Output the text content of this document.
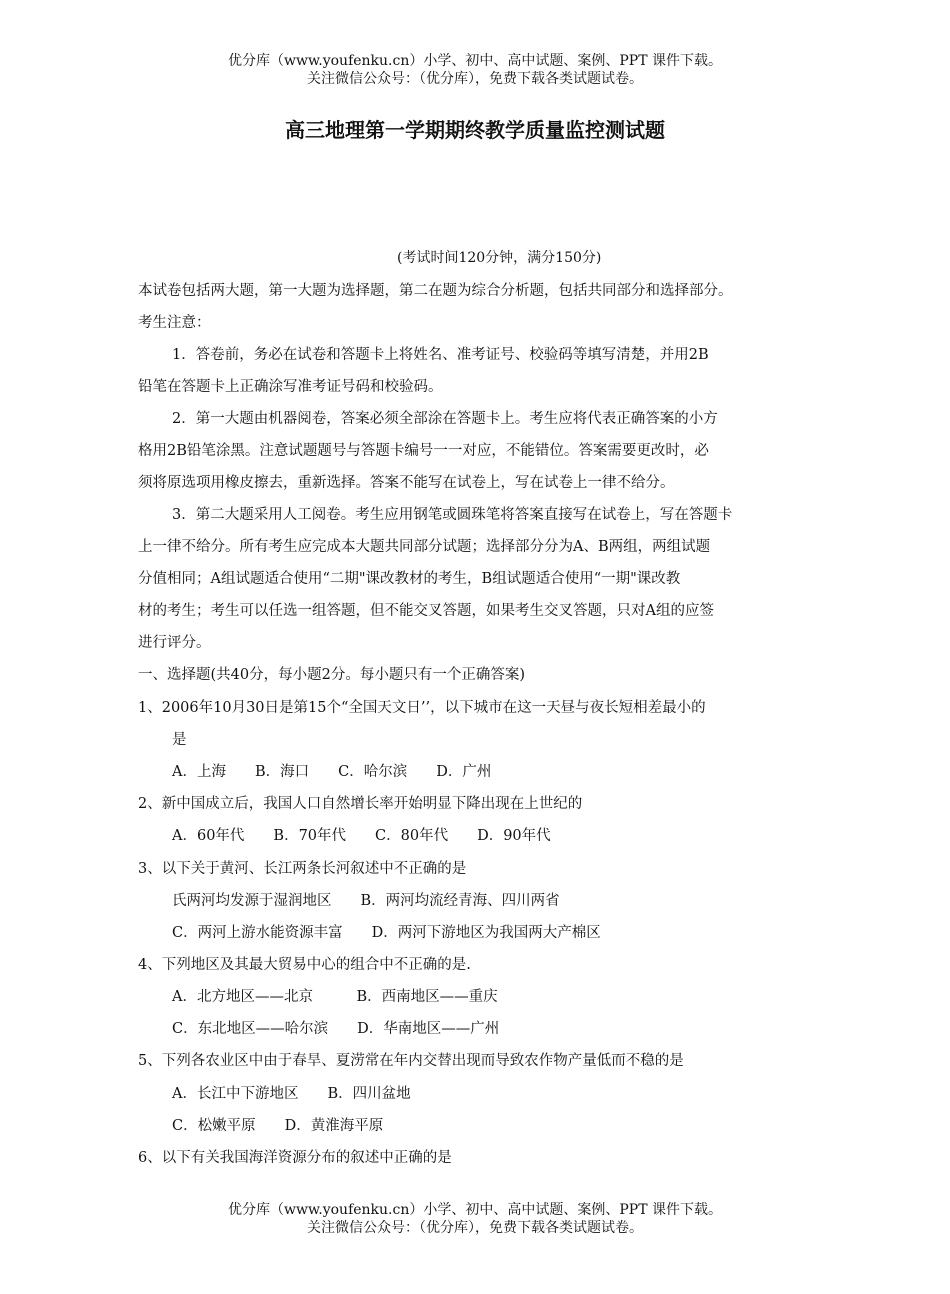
优分库（www.youfenku.cn）小学、初中、高中试题、案例、PPT 课件下载。
关注微信公众号：（优分库），免费下载各类试题试卷。
高三地理第一学期期终教学质量监控测试题
(考试时间120分钟，满分150分)
本试卷包括两大题，第一大题为选择题，第二在题为综合分析题，包括共同部分和选择部分。
考生注意：
1．答卷前，务必在试卷和答题卡上将姓名、准考证号、校验码等填写清楚，并用2B
铅笔在答题卡上正确涂写准考证号码和校验码。
2．第一大题由机器阅卷，答案必须全部涂在答题卡上。考生应将代表正确答案的小方
格用2B铅笔涂黑。注意试题题号与答题卡编号一一对应，不能错位。答案需要更改时，必
须将原选项用橡皮擦去，重新选择。答案不能写在试卷上，写在试卷上一律不给分。
3．第二大题采用人工阅卷。考生应用钢笔或圆珠笔将答案直接写在试卷上，写在答题卡
上一律不给分。所有考生应完成本大题共同部分试题；选择部分分为A、B两组，两组试题
分值相同；A组试题适合使用“二期"课改教材的考生，B组试题适合使用“一期"课改教
材的考生；考生可以任选一组答题，但不能交叉答题，如果考生交叉答题，只对A组的应签
进行评分。
一、选择题(共40分，每小题2分。每小题只有一个正确答案)
1、2006年10月30日是第15个“全国天文日’’，以下城市在这一天昼与夜长短相差最小的
是
A．上海　　B．海口　　C．哈尔滨　　D．广州
2、新中国成立后，我国人口自然增长率开始明显下降出现在上世纪的
A．60年代　　B．70年代　　C．80年代　　D．90年代
3、以下关于黄河、长江两条长河叙述中不正确的是
氏两河均发源于湿润地区　　B．两河均流经青海、四川两省
C．两河上游水能资源丰富　　D．两河下游地区为我国两大产棉区
4、下列地区及其最大贸易中心的组合中不正确的是.
A．北方地区——北京　　　B．西南地区——重庆
C．东北地区——哈尔滨　　D．华南地区——广州
5、下列各农业区中由于春旱、夏涝常在年内交替出现而导致农作物产量低而不稳的是
A．长江中下游地区　　B．四川盆地
C．松嫩平原　　D．黄淮海平原
6、以下有关我国海洋资源分布的叙述中正确的是
优分库（www.youfenku.cn）小学、初中、高中试题、案例、PPT 课件下载。
关注微信公众号：（优分库），免费下载各类试题试卷。
